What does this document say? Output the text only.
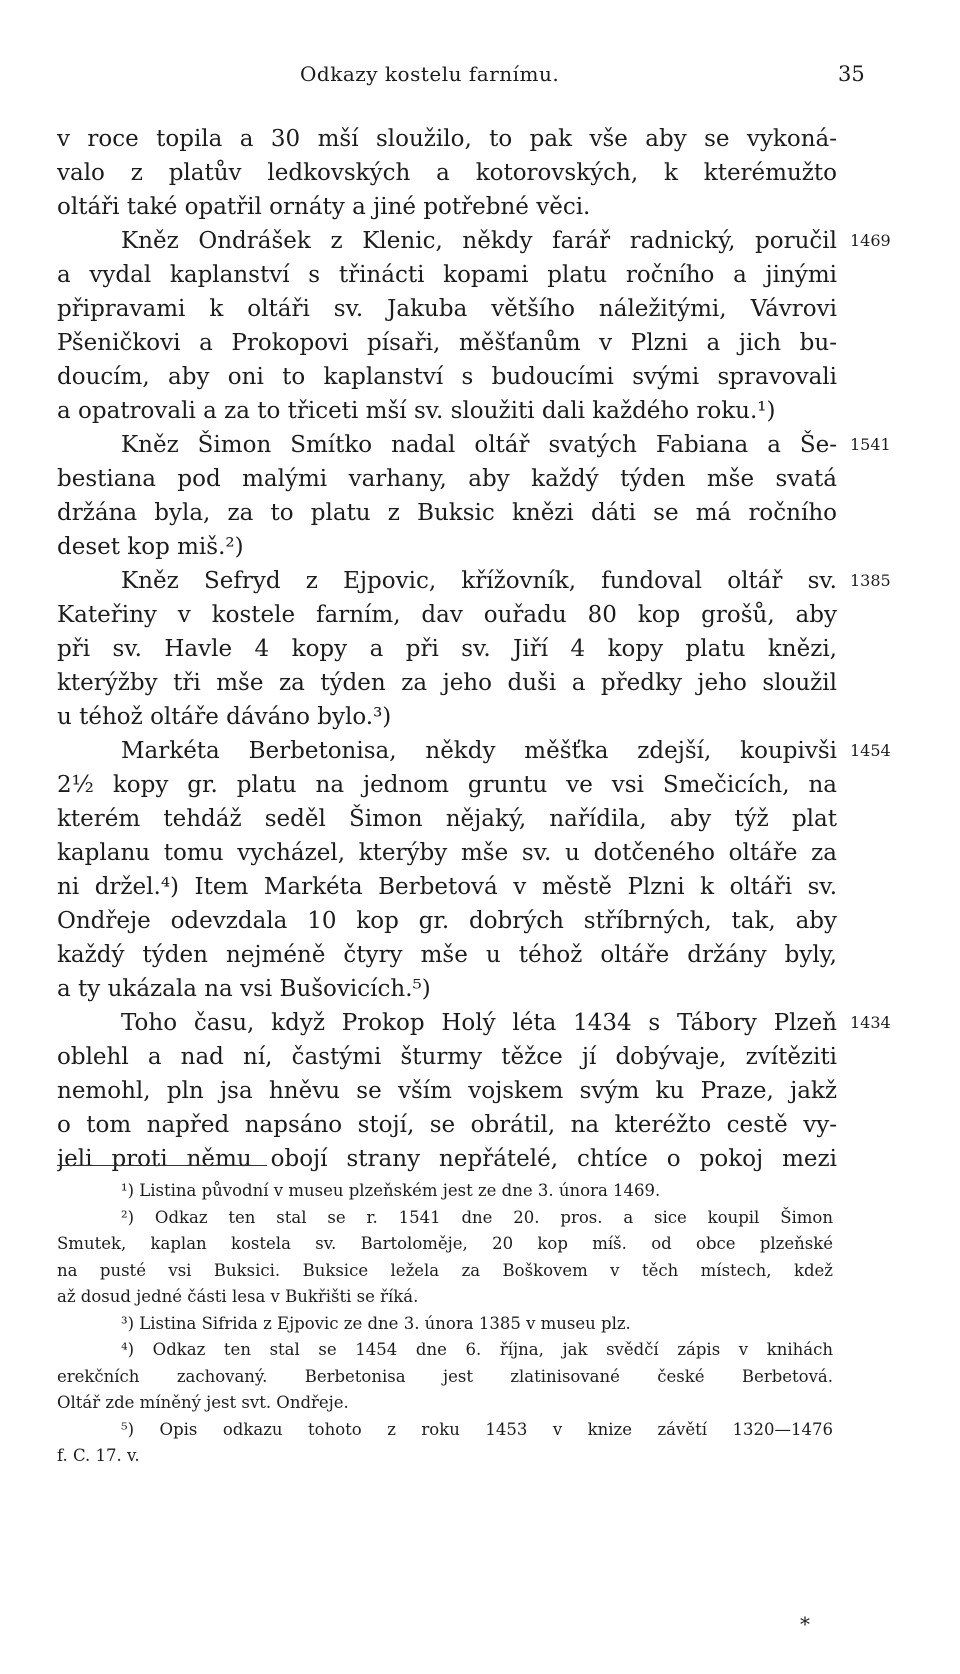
Odkazy kostelu farnímu.	35
v roce topila a 30 mší sloužilo, to pak vše aby se vykoná-
valo z platův ledkovských a kotorovských, k kterémužto
oltáři také opatřil ornáty a jiné potřebné věci.
Kněz Ondrášek z Klenic, někdy farář radnický, poručil 1469
a vydal kaplanství s třinácti kopami platu ročního a jinými
připravami k oltáři sv. Jakuba většího náležitými, Vávrovi
Pšeničkovi a Prokopovi písaři, měšťanům v Plzni a jich bu-
doucím, aby oni to kaplanství s budoucími svými spravovali
a opatrovali a za to třiceti mší sv. sloužiti dali každého roku.¹)
Kněz Šimon Smítko nadal oltář svatých Fabiana a Še- 1541
bestiana pod malými varhany, aby každý týden mše svatá
držána byla, za to platu z Buksic knězi dáti se má ročního
deset kop miš.²)
Kněz Sefryd z Ejpovic, křížovník, fundoval oltář sv. 1385
Kateřiny v kostele farním, dav ouřadu 80 kop grošů, aby
při sv. Havle 4 kopy a při sv. Jiří 4 kopy platu knězi,
kterýžby tři mše za týden za jeho duši a předky jeho sloužil
u téhož oltáře dáváno bylo.³)
Markéta Berbetonisa, někdy měšťka zdejší, koupivši 1454
2½ kopy gr. platu na jednom gruntu ve vsi Smečicích, na
kterém tehdáž seděl Šimon nějaký, nařídila, aby týž plat
kaplanu tomu vycházel, kterýby mše sv. u dotčeného oltáře za
ni držel.⁴) Item Markéta Berbetová v městě Plzni k oltáři sv.
Ondřeje odevzdala 10 kop gr. dobrých stříbrných, tak, aby
každý týden nejméně čtyry mše u téhož oltáře držány byly,
a ty ukázala na vsi Bušovicích.⁵)
Toho času, když Prokop Holý léta 1434 s Tábory Plzeň 1434
oblehl a nad ní, častými šturmy těžce jí dobývaje, zvítěziti
nemohl, pln jsa hněvu se vším vojskem svým ku Praze, jakž
o tom napřed napsáno stojí, se obrátil, na kteréžto cestě vy-
jeli proti němu obojí strany nepřátelé, chtíce o pokoj mezi
¹) Listina původní v museu plzeňském jest ze dne 3. února 1469.
²) Odkaz ten stal se r. 1541 dne 20. pros. a sice koupil Šimon
Smutek, kaplan kostela sv. Bartoloměje, 20 kop míš. od obce plzeňské
na pusté vsi Buksici. Buksice ležela za Boškovem v těch místech, kdež
až dosud jedné části lesa v Bukřišti se říká.
³) Listina Sifrida z Ejpovic ze dne 3. února 1385 v museu plz.
⁴) Odkaz ten stal se 1454 dne 6. října, jak svědčí zápis v knihách
erekčních zachovaný. Berbetonisa jest zlatinisované české Berbetová.
Oltář zde míněný jest svt. Ondřeje.
⁵) Opis odkazu tohoto z roku 1453 v knize závětí 1320—1476
f. C. 17. v.
*
